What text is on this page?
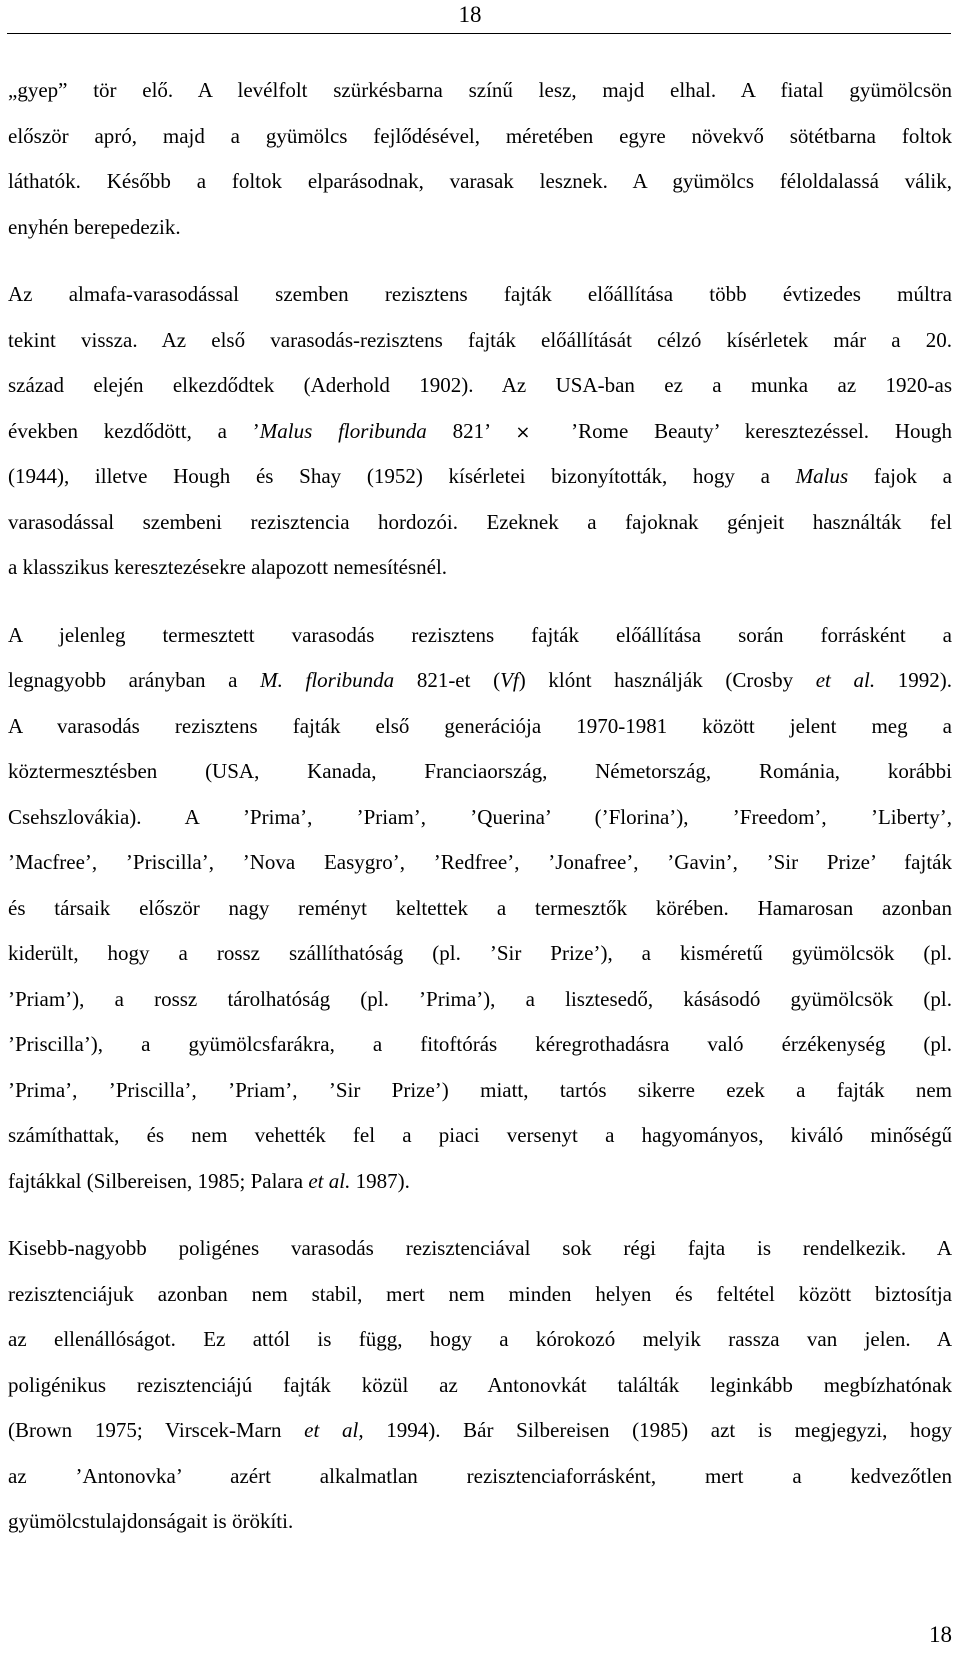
18

„gyep” tör elő. A levélfolt szürkésbarna színű lesz, majd elhal. A fiatal gyümölcsön
először apró, majd a gyümölcs fejlődésével, méretében egyre növekvő sötétbarna foltok
láthatók. Később a foltok elparásodnak, varasak lesznek. A gyümölcs féloldalassá válik,
enyhén berepedezik.

Az almafa-varasodással szemben rezisztens fajták előállítása több évtizedes múltra
tekint vissza. Az első varasodás-rezisztens fajták előállítását célzó kísérletek már a 20.
század elején elkezdődtek (Aderhold 1902). Az USA-ban ez a munka az 1920-as
években kezdődött, a ’Malus floribunda 821’ × ’Rome Beauty’ keresztezéssel. Hough
(1944), illetve Hough és Shay (1952) kísérletei bizonyították, hogy a Malus fajok a
varasodással szembeni rezisztencia hordozói. Ezeknek a fajoknak génjeit használták fel
a klasszikus keresztezésekre alapozott nemesítésnél.

A jelenleg termesztett varasodás rezisztens fajták előállítása során forrásként a
legnagyobb arányban a M. floribunda 821-et (Vf) klónt használják (Crosby et al. 1992).
A varasodás rezisztens fajták első generációja 1970-1981 között jelent meg a
köztermesztésben (USA, Kanada, Franciaország, Németország, Románia, korábbi
Csehszlovákia). A ’Prima’, ’Priam’, ’Querina’ (’Florina’), ’Freedom’, ’Liberty’,
’Macfree’, ’Priscilla’, ’Nova Easygro’, ’Redfree’, ’Jonafree’, ’Gavin’, ’Sir Prize’ fajták
és társaik először nagy reményt keltettek a termesztők körében. Hamarosan azonban
kiderült, hogy a rossz szállíthatóság (pl. ’Sir Prize’), a kisméretű gyümölcsök (pl.
’Priam’), a rossz tárolhatóság (pl. ’Prima’), a lisztesedő, kásásodó gyümölcsök (pl.
’Priscilla’), a gyümölcsfarákra, a fitoftórás kéregrothadásra való érzékenység (pl.
’Prima’, ’Priscilla’, ’Priam’, ’Sir Prize’) miatt, tartós sikerre ezek a fajták nem
számíthattak, és nem vehették fel a piaci versenyt a hagyományos, kiváló minőségű
fajtákkal (Silbereisen, 1985; Palara et al. 1987).

Kisebb-nagyobb poligénes varasodás rezisztenciával sok régi fajta is rendelkezik. A
rezisztenciájuk azonban nem stabil, mert nem minden helyen és feltétel között biztosítja
az ellenállóságot. Ez attól is függ, hogy a kórokozó melyik rassza van jelen. A
poligénikus rezisztenciájú fajták közül az Antonovkát találták leginkább megbízhatónak
(Brown 1975; Virscek-Marn et al, 1994). Bár Silbereisen (1985) azt is megjegyzi, hogy
az ’Antonovka’ azért alkalmatlan rezisztenciaforrásként, mert a kedvezőtlen
gyümölcstulajdonságait is örökíti.

18
